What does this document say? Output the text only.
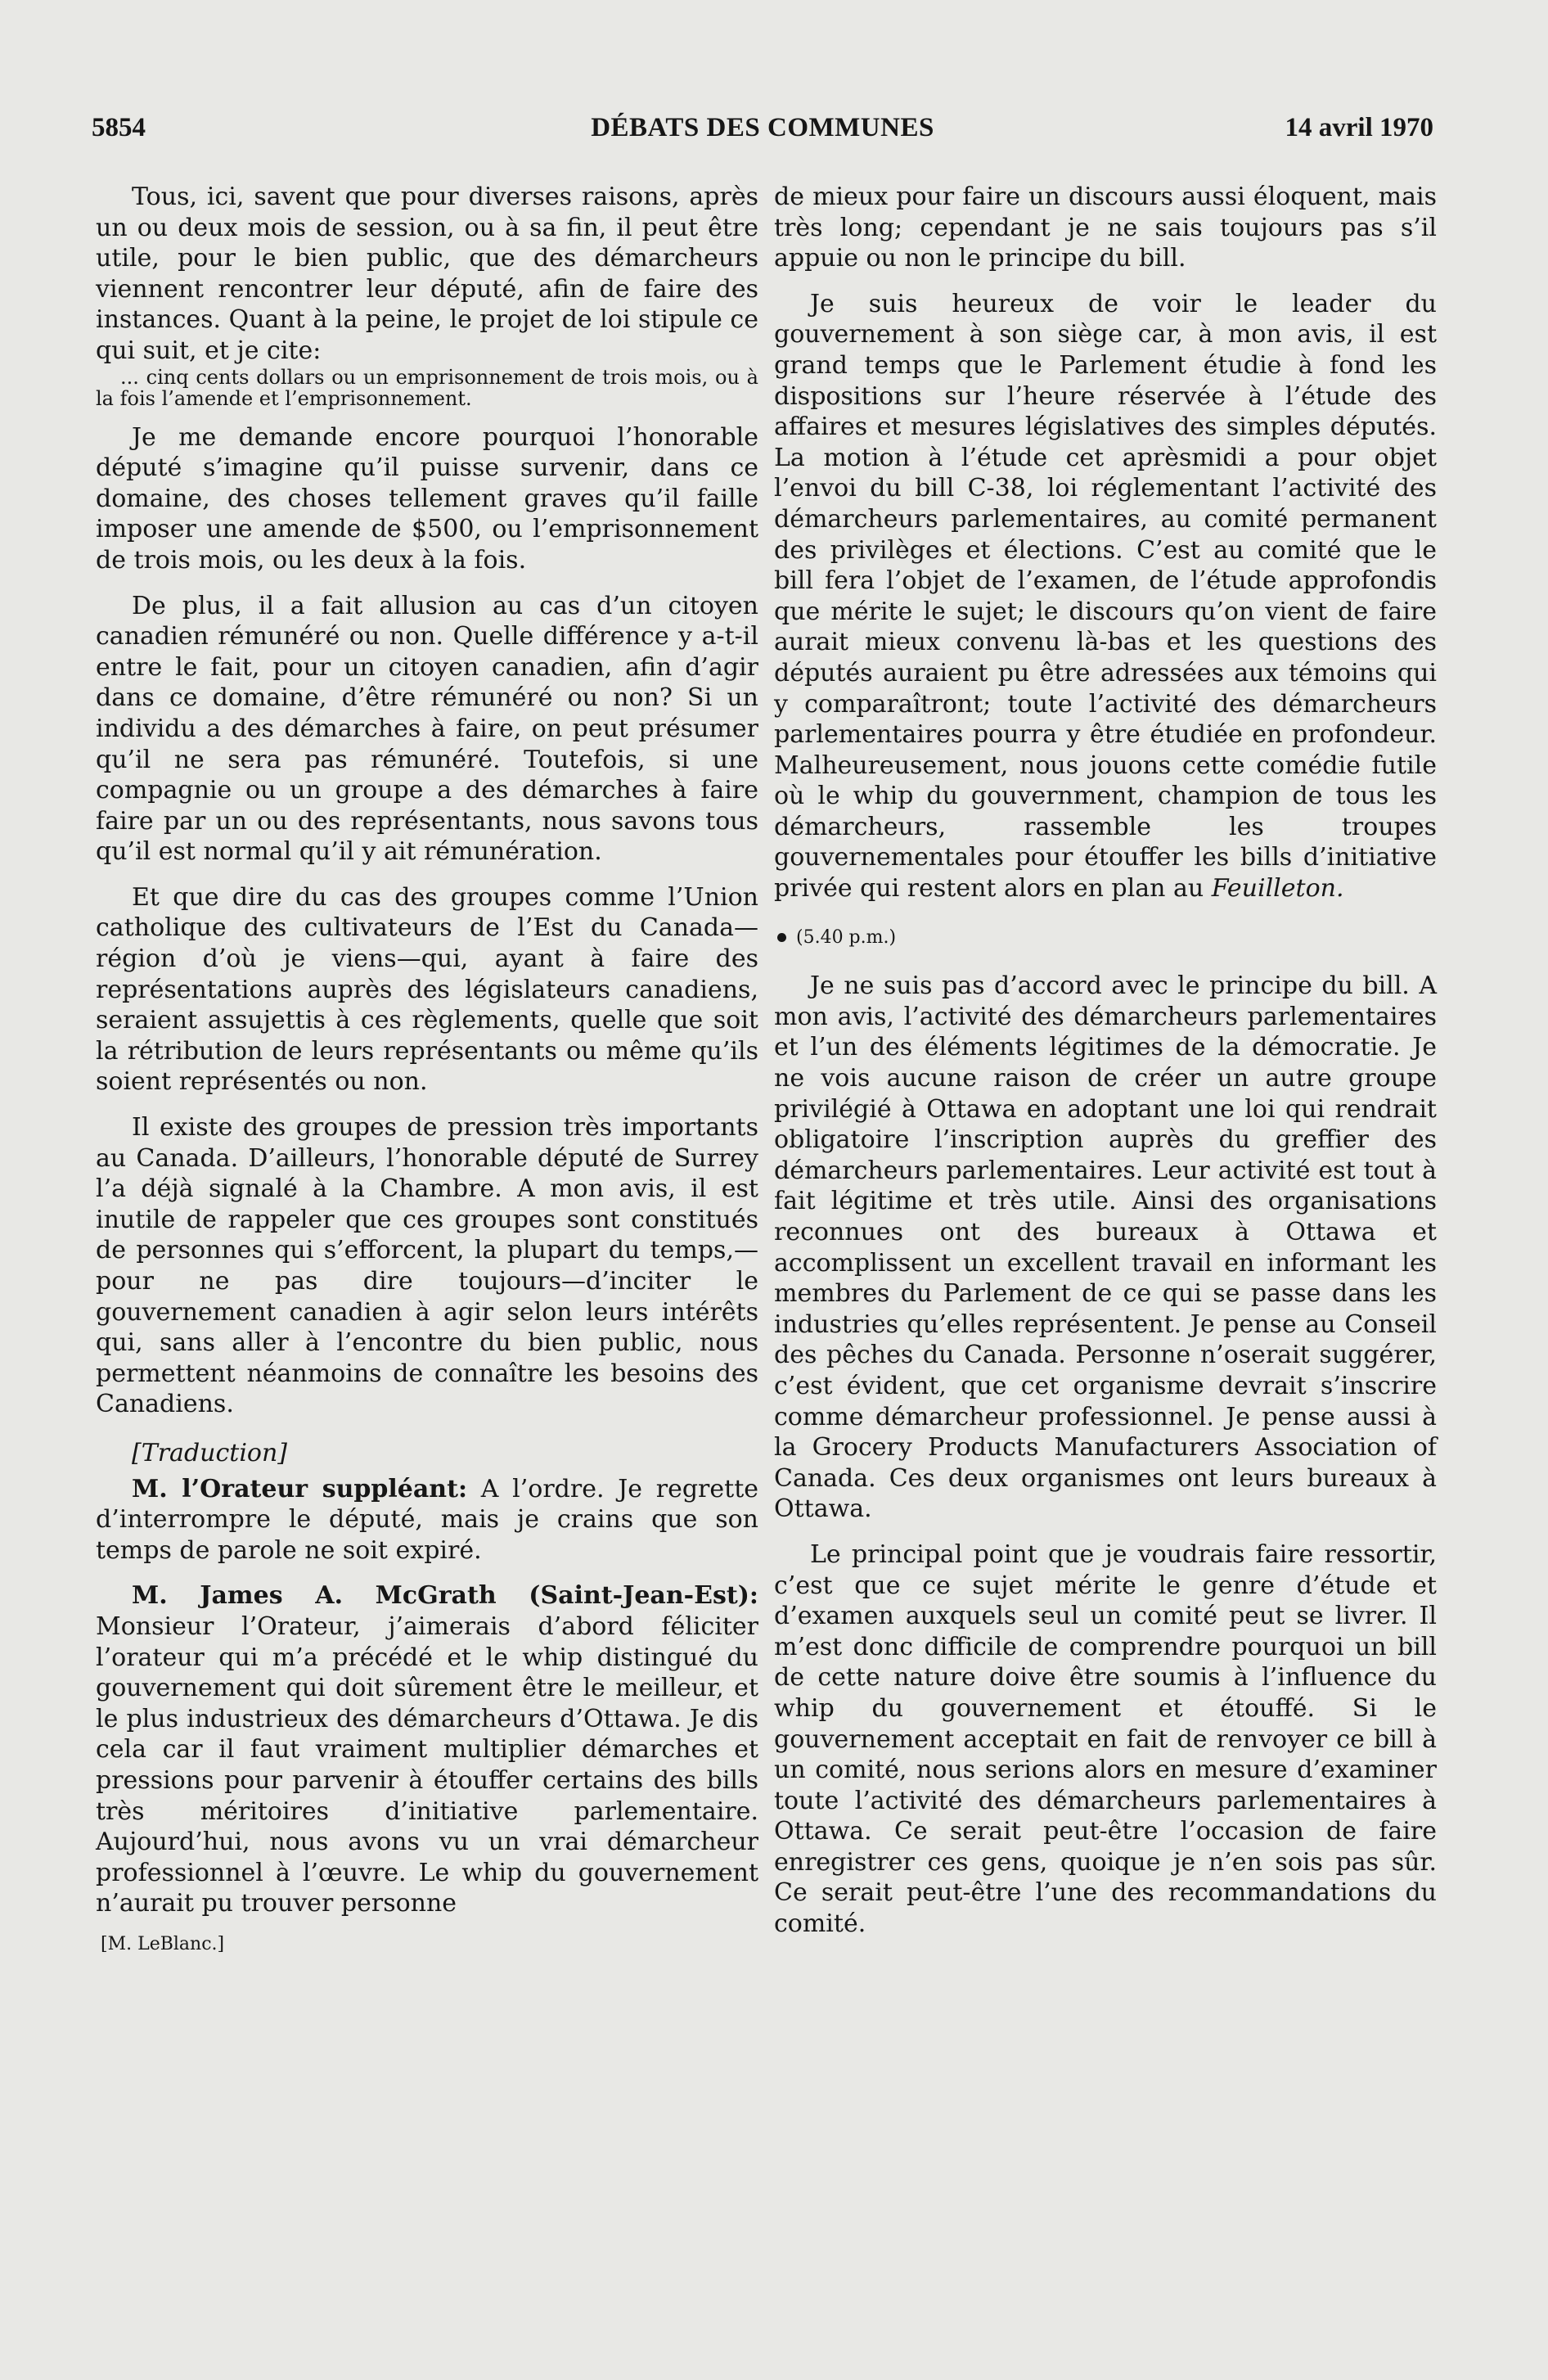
5854	DÉBATS DES COMMUNES	14 avril 1970

Tous, ici, savent que pour diverses raisons, après un ou deux mois de session, ou à sa fin, il peut être utile, pour le bien public, que des démarcheurs viennent rencontrer leur député, afin de faire des instances. Quant à la peine, le projet de loi stipule ce qui suit, et je cite:

... cinq cents dollars ou un emprisonnement de trois mois, ou à la fois l’amende et l’emprisonnement.

Je me demande encore pourquoi l’honorable député s’imagine qu’il puisse survenir, dans ce domaine, des choses tellement graves qu’il faille imposer une amende de $500, ou l’emprisonnement de trois mois, ou les deux à la fois.

De plus, il a fait allusion au cas d’un citoyen canadien rémunéré ou non. Quelle différence y a-t-il entre le fait, pour un citoyen canadien, afin d’agir dans ce domaine, d’être rémunéré ou non? Si un individu a des démarches à faire, on peut présumer qu’il ne sera pas rémunéré. Toutefois, si une compagnie ou un groupe a des démarches à faire faire par un ou des représentants, nous savons tous qu’il est normal qu’il y ait rémunération.

Et que dire du cas des groupes comme l’Union catholique des cultivateurs de l’Est du Canada—région d’où je viens—qui, ayant à faire des représentations auprès des législateurs canadiens, seraient assujettis à ces règlements, quelle que soit la rétribution de leurs représentants ou même qu’ils soient représentés ou non.

Il existe des groupes de pression très importants au Canada. D’ailleurs, l’honorable député de Surrey l’a déjà signalé à la Chambre. A mon avis, il est inutile de rappeler que ces groupes sont constitués de personnes qui s’efforcent, la plupart du temps,—pour ne pas dire toujours—d’inciter le gouvernement canadien à agir selon leurs intérêts qui, sans aller à l’encontre du bien public, nous permettent néanmoins de connaître les besoins des Canadiens.

[Traduction]

M. l’Orateur suppléant: A l’ordre. Je regrette d’interrompre le député, mais je crains que son temps de parole ne soit expiré.

M. James A. McGrath (Saint-Jean-Est): Monsieur l’Orateur, j’aimerais d’abord féliciter l’orateur qui m’a précédé et le whip distingué du gouvernement qui doit sûrement être le meilleur, et le plus industrieux des démarcheurs d’Ottawa. Je dis cela car il faut vraiment multiplier démarches et pressions pour parvenir à étouffer certains des bills très méritoires d’initiative parlementaire. Aujourd’hui, nous avons vu un vrai démarcheur professionnel à l’œuvre. Le whip du gouvernement n’aurait pu trouver personne

[M. LeBlanc.]

de mieux pour faire un discours aussi éloquent, mais très long; cependant je ne sais toujours pas s’il appuie ou non le principe du bill.

Je suis heureux de voir le leader du gouvernement à son siège car, à mon avis, il est grand temps que le Parlement étudie à fond les dispositions sur l’heure réservée à l’étude des affaires et mesures législatives des simples députés. La motion à l’étude cet aprèsmidi a pour objet l’envoi du bill C-38, loi réglementant l’activité des démarcheurs parlementaires, au comité permanent des privilèges et élections. C’est au comité que le bill fera l’objet de l’examen, de l’étude approfondis que mérite le sujet; le discours qu’on vient de faire aurait mieux convenu là-bas et les questions des députés auraient pu être adressées aux témoins qui y comparaîtront; toute l’activité des démarcheurs parlementaires pourra y être étudiée en profondeur. Malheureusement, nous jouons cette comédie futile où le whip du gouvernment, champion de tous les démarcheurs, rassemble les troupes gouvernementales pour étouffer les bills d’initiative privée qui restent alors en plan au Feuilleton.

(5.40 p.m.)

Je ne suis pas d’accord avec le principe du bill. A mon avis, l’activité des démarcheurs parlementaires et l’un des éléments légitimes de la démocratie. Je ne vois aucune raison de créer un autre groupe privilégié à Ottawa en adoptant une loi qui rendrait obligatoire l’inscription auprès du greffier des démarcheurs parlementaires. Leur activité est tout à fait légitime et très utile. Ainsi des organisations reconnues ont des bureaux à Ottawa et accomplissent un excellent travail en informant les membres du Parlement de ce qui se passe dans les industries qu’elles représentent. Je pense au Conseil des pêches du Canada. Personne n’oserait suggérer, c’est évident, que cet organisme devrait s’inscrire comme démarcheur professionnel. Je pense aussi à la Grocery Products Manufacturers Association of Canada. Ces deux organismes ont leurs bureaux à Ottawa.

Le principal point que je voudrais faire ressortir, c’est que ce sujet mérite le genre d’étude et d’examen auxquels seul un comité peut se livrer. Il m’est donc difficile de comprendre pourquoi un bill de cette nature doive être soumis à l’influence du whip du gouvernement et étouffé. Si le gouvernement acceptait en fait de renvoyer ce bill à un comité, nous serions alors en mesure d’examiner toute l’activité des démarcheurs parlementaires à Ottawa. Ce serait peut-être l’occasion de faire enregistrer ces gens, quoique je n’en sois pas sûr. Ce serait peut-être l’une des recommandations du comité.
